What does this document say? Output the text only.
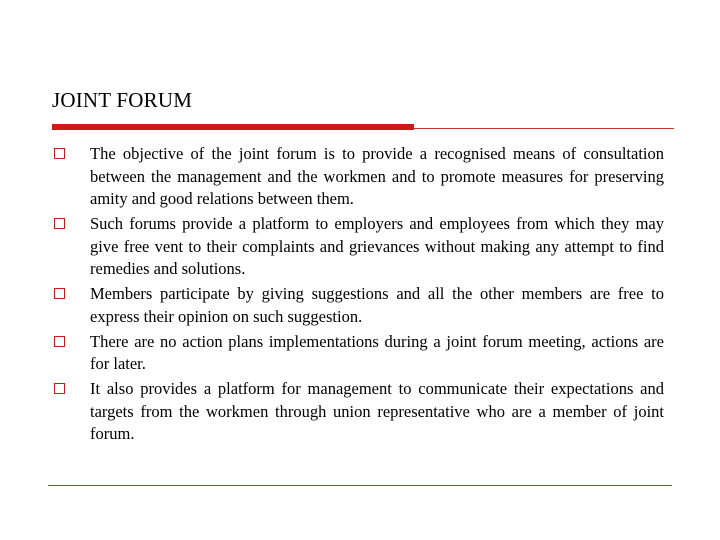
JOINT FORUM
The objective of the joint forum is to provide a recognised means of consultation between the management and the workmen and to promote measures for preserving amity and good relations between them.
Such forums provide a platform to employers and employees from which they may give free vent to their complaints and grievances without making any attempt to find remedies and solutions.
Members participate by giving suggestions and all the other members are free to express their opinion on such suggestion.
There are no action plans implementations during a joint forum meeting, actions are for later.
It also provides a platform for management to communicate their expectations and targets from the workmen through union representative who are a member of joint forum.
